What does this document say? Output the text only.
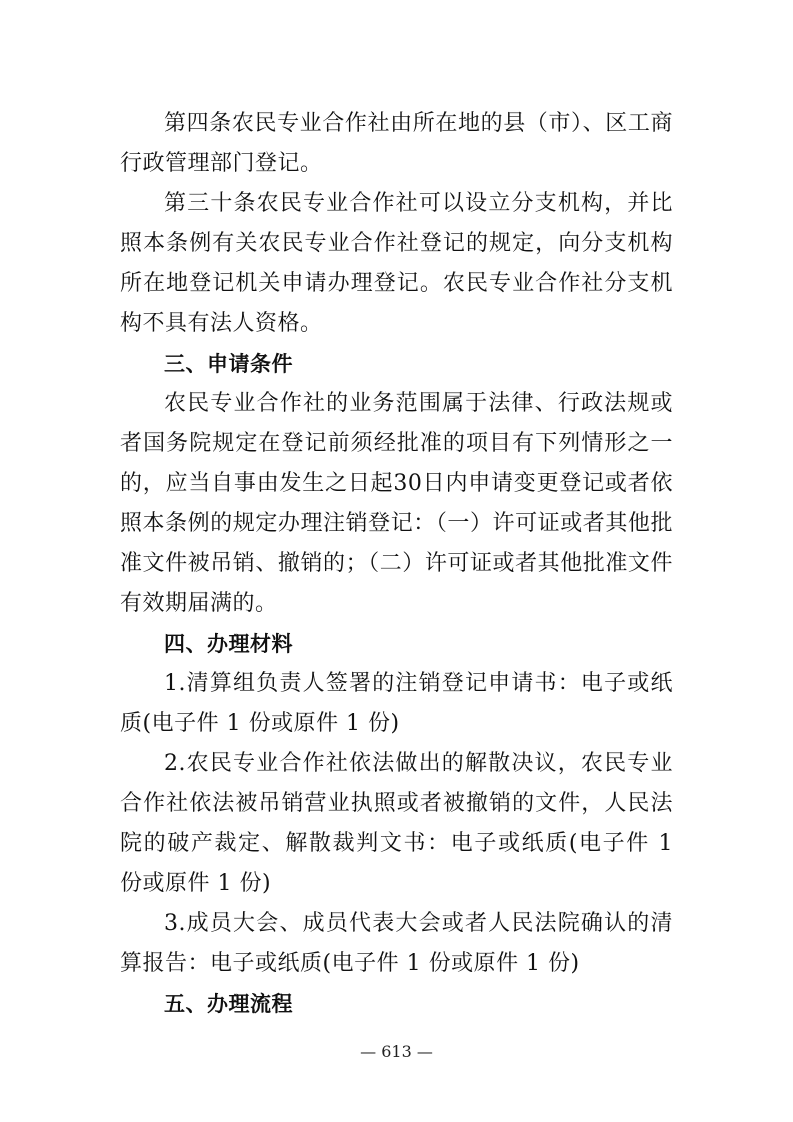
第四条农民专业合作社由所在地的县（市）、区工商行政管理部门登记。

第三十条农民专业合作社可以设立分支机构，并比照本条例有关农民专业合作社登记的规定，向分支机构所在地登记机关申请办理登记。农民专业合作社分支机构不具有法人资格。

三、申请条件

农民专业合作社的业务范围属于法律、行政法规或者国务院规定在登记前须经批准的项目有下列情形之一的，应当自事由发生之日起30日内申请变更登记或者依照本条例的规定办理注销登记：（一）许可证或者其他批准文件被吊销、撤销的；（二）许可证或者其他批准文件有效期届满的。

四、办理材料

1.清算组负责人签署的注销登记申请书：电子或纸质(电子件 1 份或原件 1 份)

2.农民专业合作社依法做出的解散决议，农民专业合作社依法被吊销营业执照或者被撤销的文件，人民法院的破产裁定、解散裁判文书：电子或纸质(电子件 1 份或原件 1 份)

3.成员大会、成员代表大会或者人民法院确认的清算报告：电子或纸质(电子件 1 份或原件 1 份)

五、办理流程

— 613 —
